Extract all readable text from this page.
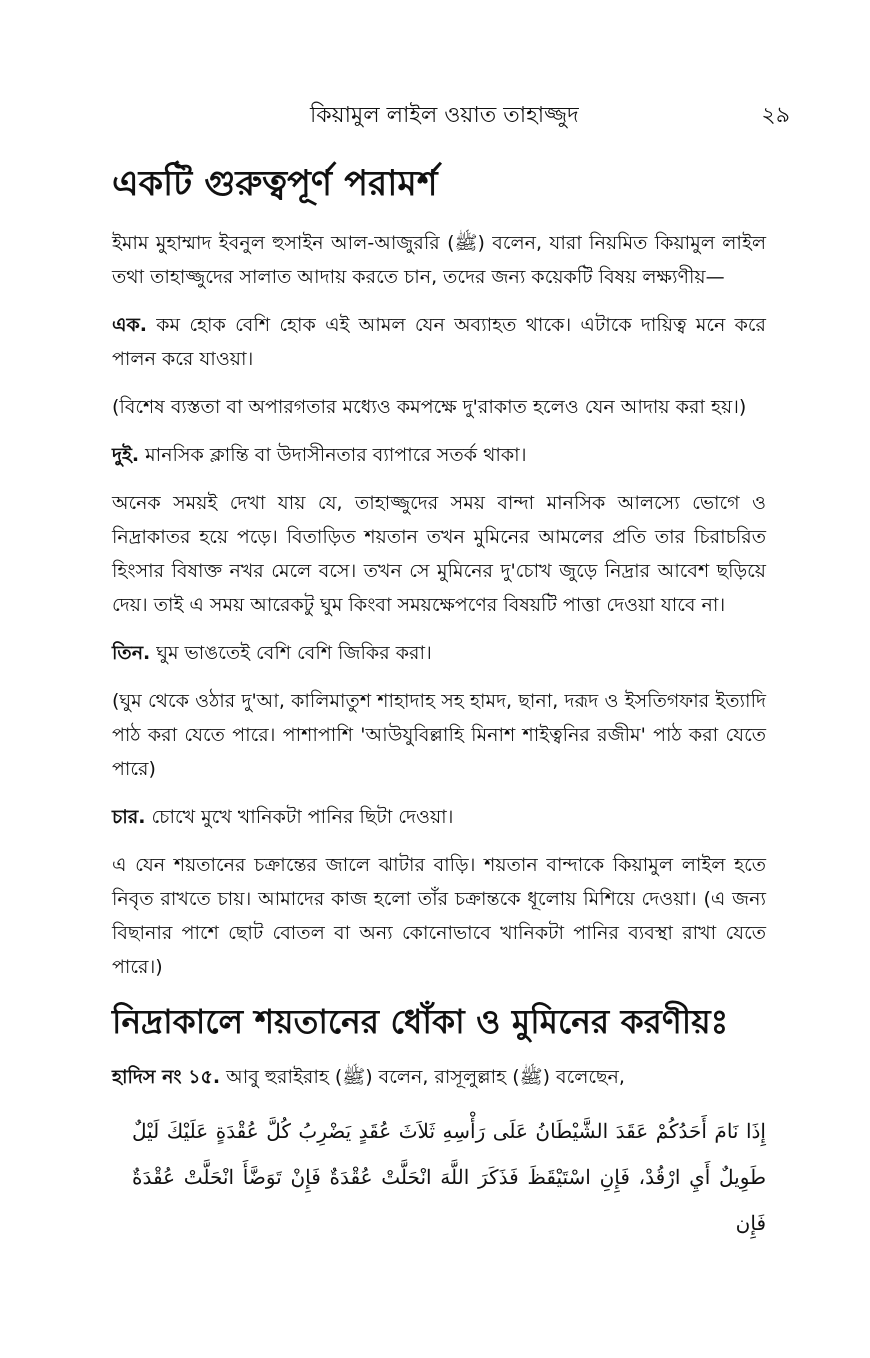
কিয়ামুল লাইল ওয়াত তাহাজ্জুদ	২৯
একটি গুরুত্বপূর্ণ পরামর্শ

ইমাম মুহাম্মাদ ইবনুল হুসাইন আল-আজুররি (ﷺ) বলেন, যারা নিয়মিত কিয়ামুল লাইল তথা তাহাজ্জুদের সালাত আদায় করতে চান, তদের জন্য কয়েকটি বিষয় লক্ষ্যণীয়—

এক. কম হোক বেশি হোক এই আমল যেন অব্যাহত থাকে। এটাকে দায়িত্ব মনে করে পালন করে যাওয়া।

(বিশেষ ব্যস্ততা বা অপারগতার মধ্যেও কমপক্ষে দু'রাকাত হলেও যেন আদায় করা হয়।)

দুই. মানসিক ক্লান্তি বা উদাসীনতার ব্যাপারে সতর্ক থাকা।

অনেক সময়ই দেখা যায় যে, তাহাজ্জুদের সময় বান্দা মানসিক আলস্যে ভোগে ও নিদ্রাকাতর হয়ে পড়ে। বিতাড়িত শয়তান তখন মুমিনের আমলের প্রতি তার চিরাচরিত হিংসার বিষাক্ত নখর মেলে বসে। তখন সে মুমিনের দু'চোখ জুড়ে নিদ্রার আবেশ ছড়িয়ে দেয়। তাই এ সময় আরেকটু ঘুম কিংবা সময়ক্ষেপণের বিষয়টি পাত্তা দেওয়া যাবে না।

তিন. ঘুম ভাঙতেই বেশি বেশি জিকির করা।

(ঘুম থেকে ওঠার দু'আ, কালিমাতুশ শাহাদাহ সহ হামদ, ছানা, দরূদ ও ইসতিগফার ইত্যাদি পাঠ করা যেতে পারে। পাশাপাশি 'আউযুবিল্লাহি মিনাশ শাইত্বনির রজীম' পাঠ করা যেতে পারে)

চার. চোখে মুখে খানিকটা পানির ছিটা দেওয়া।

এ যেন শয়তানের চক্রান্তের জালে ঝাটার বাড়ি। শয়তান বান্দাকে কিয়ামুল লাইল হতে নিবৃত রাখতে চায়। আমাদের কাজ হলো তাঁর চক্রান্তকে ধূলোয় মিশিয়ে দেওয়া। (এ জন্য বিছানার পাশে ছোট বোতল বা অন্য কোনোভাবে খানিকটা পানির ব্যবস্থা রাখা যেতে পারে।)

নিদ্রাকালে শয়তানের ধোঁকা ও মুমিনের করণীয়ঃ

হাদিস নং ১৫. আবু হুরাইরাহ (ﷺ) বলেন, রাসূলুল্লাহ (ﷺ) বলেছেন,

إِذَا نَامَ أَحَدُكُمْ عَقَدَ الشَّيْطَانُ عَلَى رَأْسِهِ ثَلاَثَ عُقَدٍ يَضْرِبُ كُلَّ عُقْدَةٍ عَلَيْكَ لَيْلٌ طَوِيلٌ أَيِ ارْقُدْ، فَإِنِ اسْتَيْقَظَ فَذَكَرَ اللَّهَ انْحَلَّتْ عُقْدَةٌ فَإِنْ تَوَضَّأَ انْحَلَّتْ عُقْدَةٌ فَإِن
